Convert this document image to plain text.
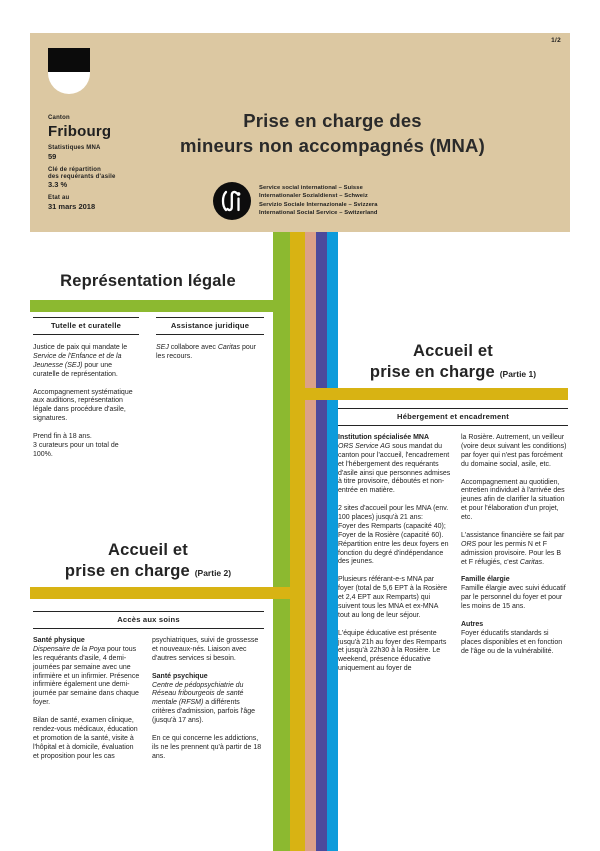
1/2
Canton
Fribourg
Statistiques MNA
59
Clé de répartition
des requérants d'asile
3.3 %
Etat au
31 mars 2018
Prise en charge des
mineurs non accompagnés (MNA)
Service social international – Suisse
Internationaler Sozialdienst – Schweiz
Servizio Sociale Internazionale – Svizzera
International Social Service – Switzerland
Représentation légale
Tutelle et curatelle	Assistance juridique

Justice de paix qui mandate le Service de l'Enfance et de la Jeunesse (SEJ) pour une curatelle de représentation.

Accompagnement systématique aux auditions, représentation légale dans procédure d'asile, signatures.

Prend fin à 18 ans.
3 curateurs pour un total de 100%.

SEJ collabore avec Caritas pour les recours.

Accueil et
prise en charge (Partie 2)
Accès aux soins

Santé physique
Dispensaire de la Poya pour tous les requérants d'asile, 4 demi-journées par semaine avec une infirmière et un infirmier. Présence infirmière également une demi-journée par semaine dans chaque foyer.

Bilan de santé, examen clinique, rendez-vous médicaux, éducation et promotion de la santé, visite à l'hôpital et à domicile, évaluation et proposition pour les cas

psychiatriques, suivi de grossesse et nouveaux-nés. Liaison avec d'autres services si besoin.

Santé psychique
Centre de pédopsychiatrie du Réseau fribourgeois de santé mentale (RFSM) a différents critères d'admission, parfois l'âge (jusqu'à 17 ans).

En ce qui concerne les addictions, ils ne les prennent qu'à partir de 18 ans.

Accueil et
prise en charge (Partie 1)
Hébergement et encadrement

Institution spécialisée MNA
ORS Service AG sous mandat du canton pour l'accueil, l'encadrement et l'hébergement des requérants d'asile ainsi que personnes admises à titre provisoire, déboutés et non-entrée en matière.

2 sites d'accueil pour les MNA (env. 100 places) jusqu'à 21 ans:
Foyer des Remparts (capacité 40);
Foyer de la Rosière (capacité 60).
Répartition entre les deux foyers en fonction du degré d'indépendance des jeunes.

Plusieurs référant-e-s MNA par foyer (total de 5,6 EPT à la Rosière et 2,4 EPT aux Remparts) qui suivent tous les MNA et ex-MNA tout au long de leur séjour.

L'équipe éducative est présente jusqu'à 21h au foyer des Remparts et jusqu'à 22h30 à la Rosière. Le weekend, présence éducative uniquement au foyer de

la Rosière. Autrement, un veilleur (voire deux suivant les conditions) par foyer qui n'est pas forcément du domaine social, asile, etc.

Accompagnement au quotidien, entretien individuel à l'arrivée des jeunes afin de clarifier la situation et pour l'élaboration d'un projet, etc.

L'assistance financière se fait par ORS pour les permis N et F admission provisoire. Pour les B et F réfugiés, c'est Caritas.

Famille élargie
Famille élargie avec suivi éducatif par le personnel du foyer et pour les moins de 15 ans.

Autres
Foyer éducatifs standards si places disponibles et en fonction de l'âge ou de la vulnérabilité.
